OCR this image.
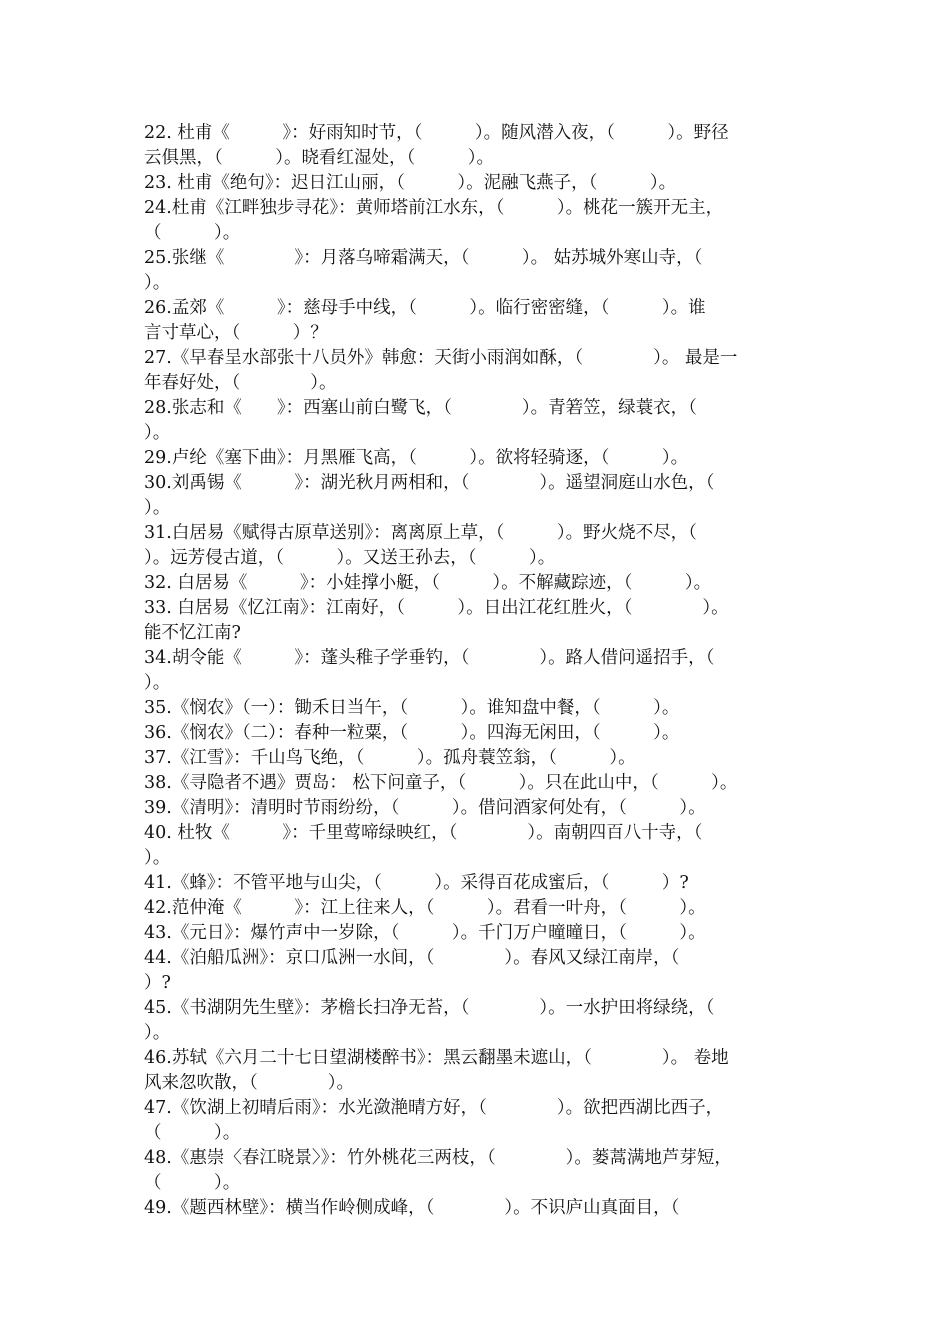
22. 杜甫《　　　》：好雨知时节，（　　　）。随风潜入夜，（　　　）。野径
云俱黑，（　　　）。晓看红湿处，（　　　）。
23. 杜甫《绝句》：迟日江山丽，（　　　）。泥融飞燕子，（　　　）。
24.杜甫《江畔独步寻花》：黄师塔前江水东，（　　　）。桃花一簇开无主，
（　　　）。
25.张继《　　　　》：月落乌啼霜满天，（　　　）。 姑苏城外寒山寺，（
）。
26.孟郊《　　　》：慈母手中线，（　　　）。临行密密缝，（　　　）。谁
言寸草心，（　　　）？
27.《早春呈水部张十八员外》韩愈：天街小雨润如酥，（　　　　）。 最是一
年春好处，（　　　　）。
28.张志和《　　》：西塞山前白鹭飞，（　　　　）。青箬笠，绿蓑衣，（
）。
29.卢纶《塞下曲》：月黑雁飞高，（　　　）。欲将轻骑逐，（　　　）。
30.刘禹锡《　　　》：湖光秋月两相和，（　　　　）。遥望洞庭山水色，（
）。
31.白居易《赋得古原草送别》：离离原上草，（　　　）。野火烧不尽，（
）。远芳侵古道，（　　　）。又送王孙去，（　　　）。
32. 白居易《　　　》：小娃撑小艇，（　　　）。不解藏踪迹，（　　　）。
33. 白居易《忆江南》：江南好，（　　　）。日出江花红胜火，（　　　　）。
能不忆江南?
34.胡令能《　　　》：蓬头稚子学垂钓，（　　　　）。路人借问遥招手，（
）。
35.《悯农》（一）：锄禾日当午，（　　　）。谁知盘中餐，（　　　）。
36.《悯农》（二）：春种一粒粟，（　　　）。四海无闲田，（　　　）。
37.《江雪》：千山鸟飞绝，（　　　）。孤舟蓑笠翁，（　　　）。
38.《寻隐者不遇》贾岛： 松下问童子，（　　　）。只在此山中，（　　　）。
39.《清明》：清明时节雨纷纷，（　　　）。借问酒家何处有，（　　　）。
40. 杜牧《　　　》：千里莺啼绿映红，（　　　　）。南朝四百八十寺，（
）。
41.《蜂》：不管平地与山尖，（　　　）。采得百花成蜜后，（　　　）?
42.范仲淹《　　　》：江上往来人，（　　　）。君看一叶舟，（　　　）。
43.《元日》：爆竹声中一岁除，（　　　）。千门万户曈曈日，（　　　）。
44.《泊船瓜洲》：京口瓜洲一水间，（　　　　）。春风又绿江南岸，（
）?
45.《书湖阴先生壁》：茅檐长扫净无苔，（　　　　）。一水护田将绿绕，（
）。
46.苏轼《六月二十七日望湖楼醉书》：黑云翻墨未遮山，（　　　　）。 卷地
风来忽吹散，（　　　　）。
47.《饮湖上初晴后雨》：水光潋滟晴方好，（　　　　）。欲把西湖比西子，
（　　　）。
48.《惠崇〈春江晓景〉》：竹外桃花三两枝，（　　　　）。蒌蒿满地芦芽短，
（　　　）。
49.《题西林壁》：横当作岭侧成峰，（　　　　）。不识庐山真面目，（
